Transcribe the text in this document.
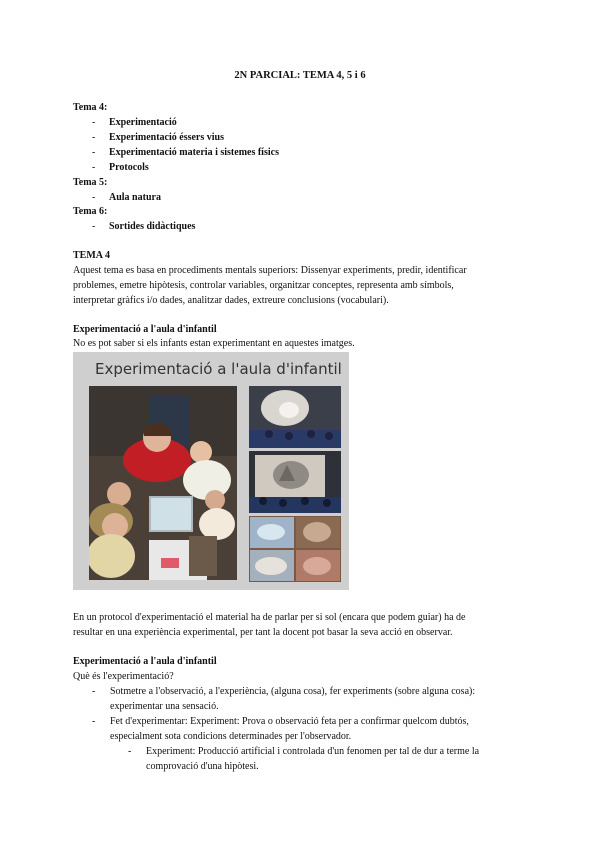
2N PARCIAL: TEMA 4, 5 i 6
Tema 4:
- Experimentació
- Experimentació éssers vius
- Experimentació materia i sistemes físics
- Protocols
Tema 5:
- Aula natura
Tema 6:
- Sortides didàctiques
TEMA 4
Aquest tema es basa en procediments mentals superiors: Dissenyar experiments, predir, identificar
problemes, emetre hipòtesis, controlar variables, organitzar conceptes, representa amb símbols,
interpretar gràfics i/o dades, analitzar dades, extreure conclusions (vocabulari).
Experimentació a l'aula d'infantil
No es pot saber si els infants estan experimentant en aquestes imatges.
Experimentació a l'aula d'infantil
En un protocol d'experimentació el material ha de parlar per si sol (encara que podem guiar) ha de
resultar en una experiència experimental, per tant la docent pot basar la seva acció en observar.
Experimentació a l'aula d'infantil
Què és l'experimentació?
- Sotmetre a l'observació, a l'experiència, (alguna cosa), fer experiments (sobre alguna cosa):
experimentar una sensació.
- Fet d'experimentar: Experiment: Prova o observació feta per a confirmar quelcom dubtós,
especialment sota condicions determinades per l'observador.
- Experiment: Producció artificial i controlada d'un fenomen per tal de dur a terme la
comprovació d'una hipòtesi.
